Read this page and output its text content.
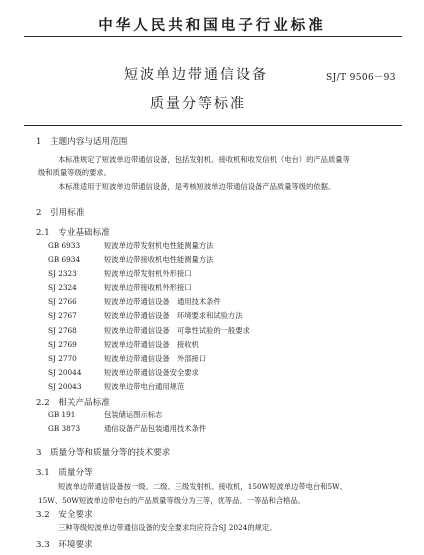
中华人民共和国电子行业标准
短波单边带通信设备	SJ/T 9506－93
质量分等标准
1　主题内容与适用范围
本标准规定了短波单边带通信设备，包括发射机、接收机和收发信机（电台）的产品质量等
级和质量等级的要求。
本标准适用于短波单边带通信设备，是考核短波单边带通信设备产品质量等级的依据。
2　引用标准
2.1　专业基础标准
GB 6933	短波单边带发射机电性能测量方法
GB 6934	短波单边带接收机电性能测量方法
SJ 2323	短波单边带发射机外形接口
SJ 2324	短波单边带接收机外形接口
SJ 2766	短波单边带通信设备　通用技术条件
SJ 2767	短波单边带通信设备　环境要求和试验方法
SJ 2768	短波单边带通信设备　可靠性试验的一般要求
SJ 2769	短波单边带通信设备　接收机
SJ 2770	短波单边带通信设备　外部接口
SJ 20044	短波单边带通信设备安全要求
SJ 20043	短波单边带电台通用规范
2.2　相关产品标准
GB 191	包装储运图示标志
GB 3873	通信设备产品包装通用技术条件
3　质量分等和质量分等的技术要求
3.1　质量分等
短波单边带通信设备按一级、二级、三级发射机、接收机，150W短波单边带电台和5W、
15W、50W短波单边带电台的产品质量等级分为三等，优等品、一等品和合格品。
3.2　安全要求
三种等级短波单边带通信设备的安全要求均应符合SJ 2024的规定。
3.3　环境要求
